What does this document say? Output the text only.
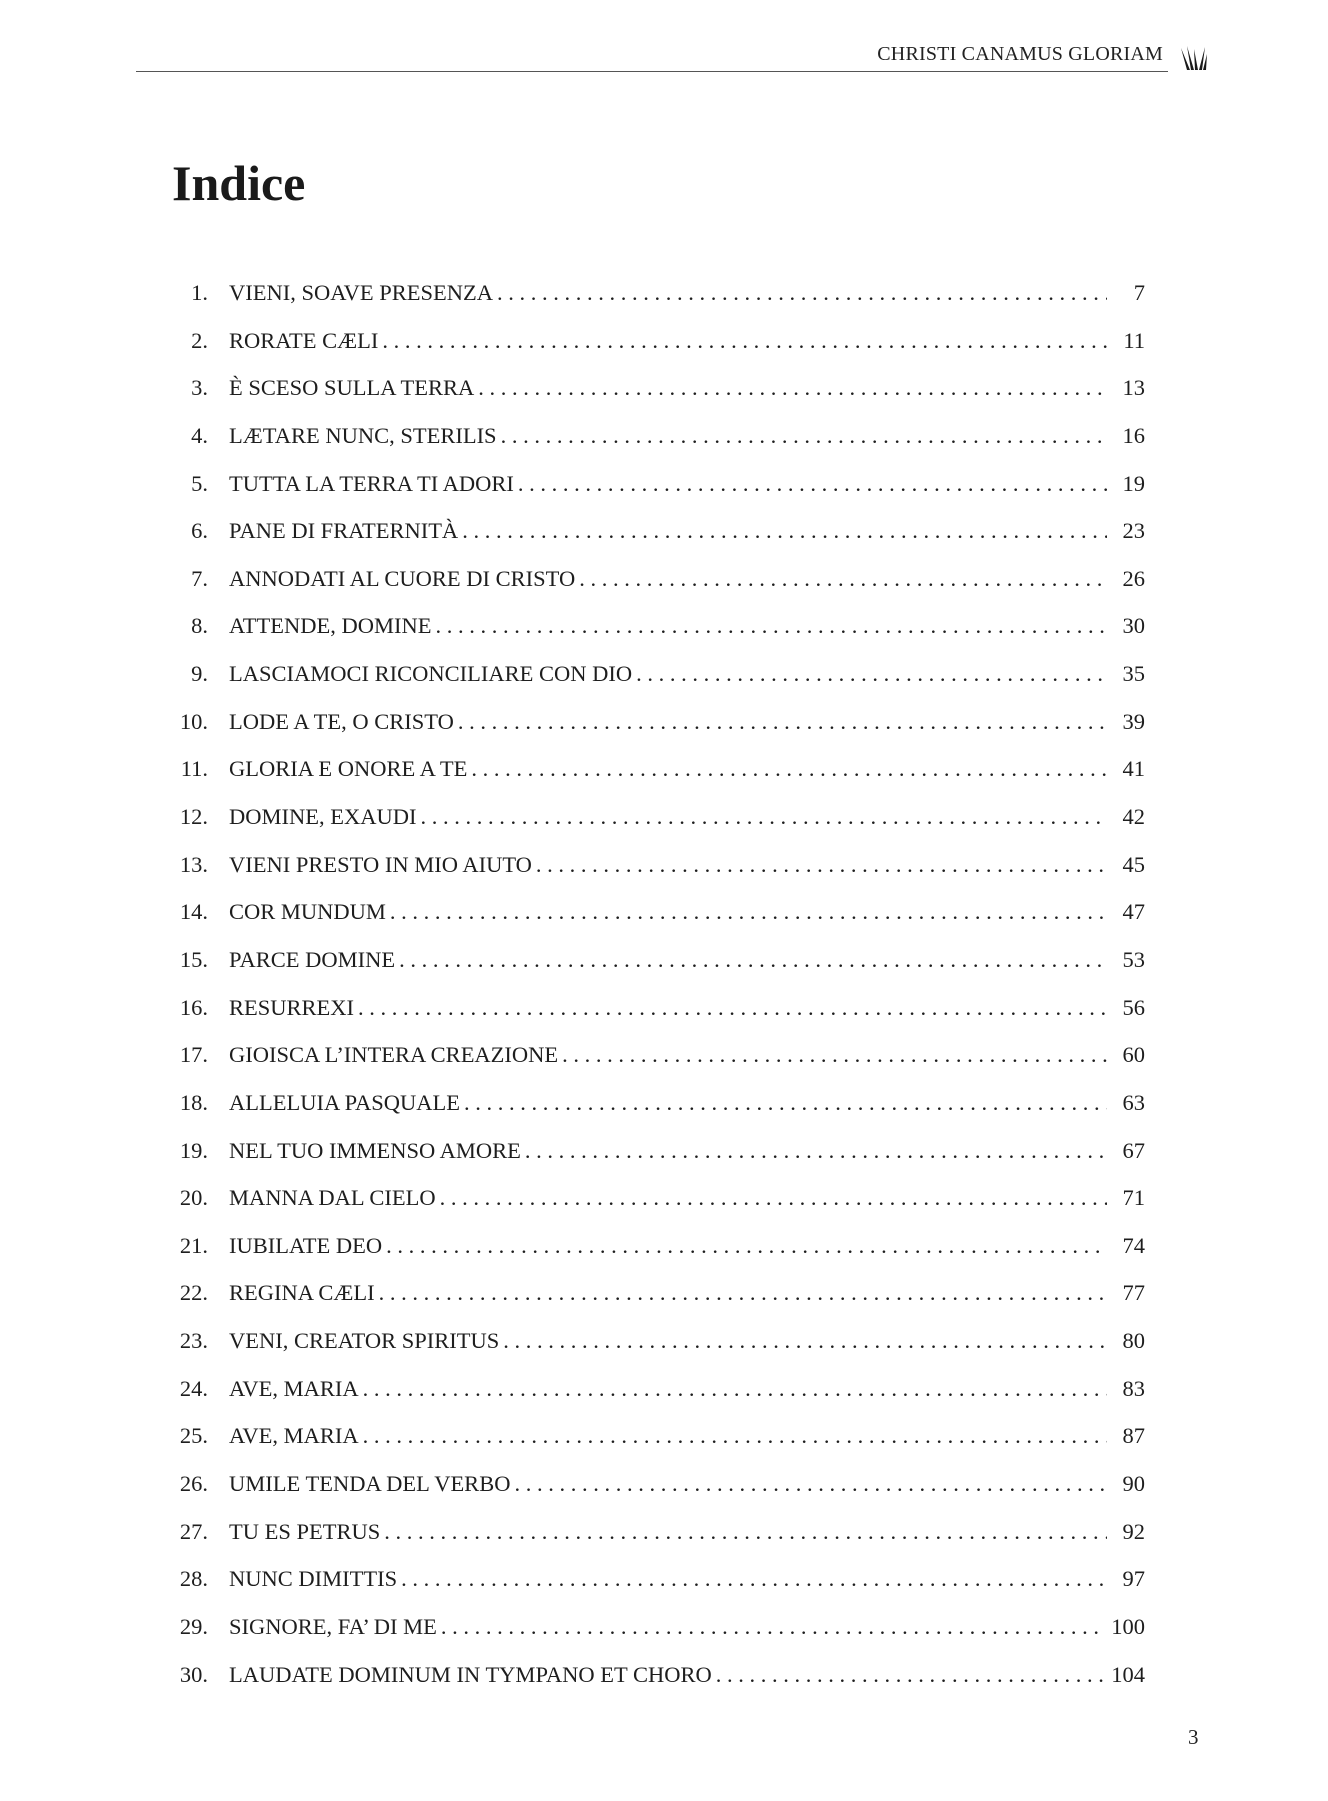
CHRISTI CANAMUS GLORIAM
Indice
1. VIENI, SOAVE PRESENZA . . .	7
2. RORATE CÆLI . . .	11
3. È SCESO SULLA TERRA . . .	13
4. LÆTARE NUNC, STERILIS . . .	16
5. TUTTA LA TERRA TI ADORI . . .	19
6. PANE DI FRATERNITÀ . . .	23
7. ANNODATI AL CUORE DI CRISTO . . .	26
8. ATTENDE, DOMINE . . .	30
9. LASCIAMOCI RICONCILIARE CON DIO . . .	35
10. LODE A TE, O CRISTO . . .	39
11. GLORIA E ONORE A TE . . .	41
12. DOMINE, EXAUDI . . .	42
13. VIENI PRESTO IN MIO AIUTO . . .	45
14. COR MUNDUM . . .	47
15. PARCE DOMINE . . .	53
16. RESURREXI . . .	56
17. GIOISCA L’INTERA CREAZIONE . . .	60
18. ALLELUIA PASQUALE . . .	63
19. NEL TUO IMMENSO AMORE . . .	67
20. MANNA DAL CIELO . . .	71
21. IUBILATE DEO . . .	74
22. REGINA CÆLI . . .	77
23. VENI, CREATOR SPIRITUS . . .	80
24. AVE, MARIA . . .	83
25. AVE, MARIA . . .	87
26. UMILE TENDA DEL VERBO . . .	90
27. TU ES PETRUS . . .	92
28. NUNC DIMITTIS . . .	97
29. SIGNORE, FA’ DI ME . . .	100
30. LAUDATE DOMINUM IN TYMPANO ET CHORO . . .	104
3
